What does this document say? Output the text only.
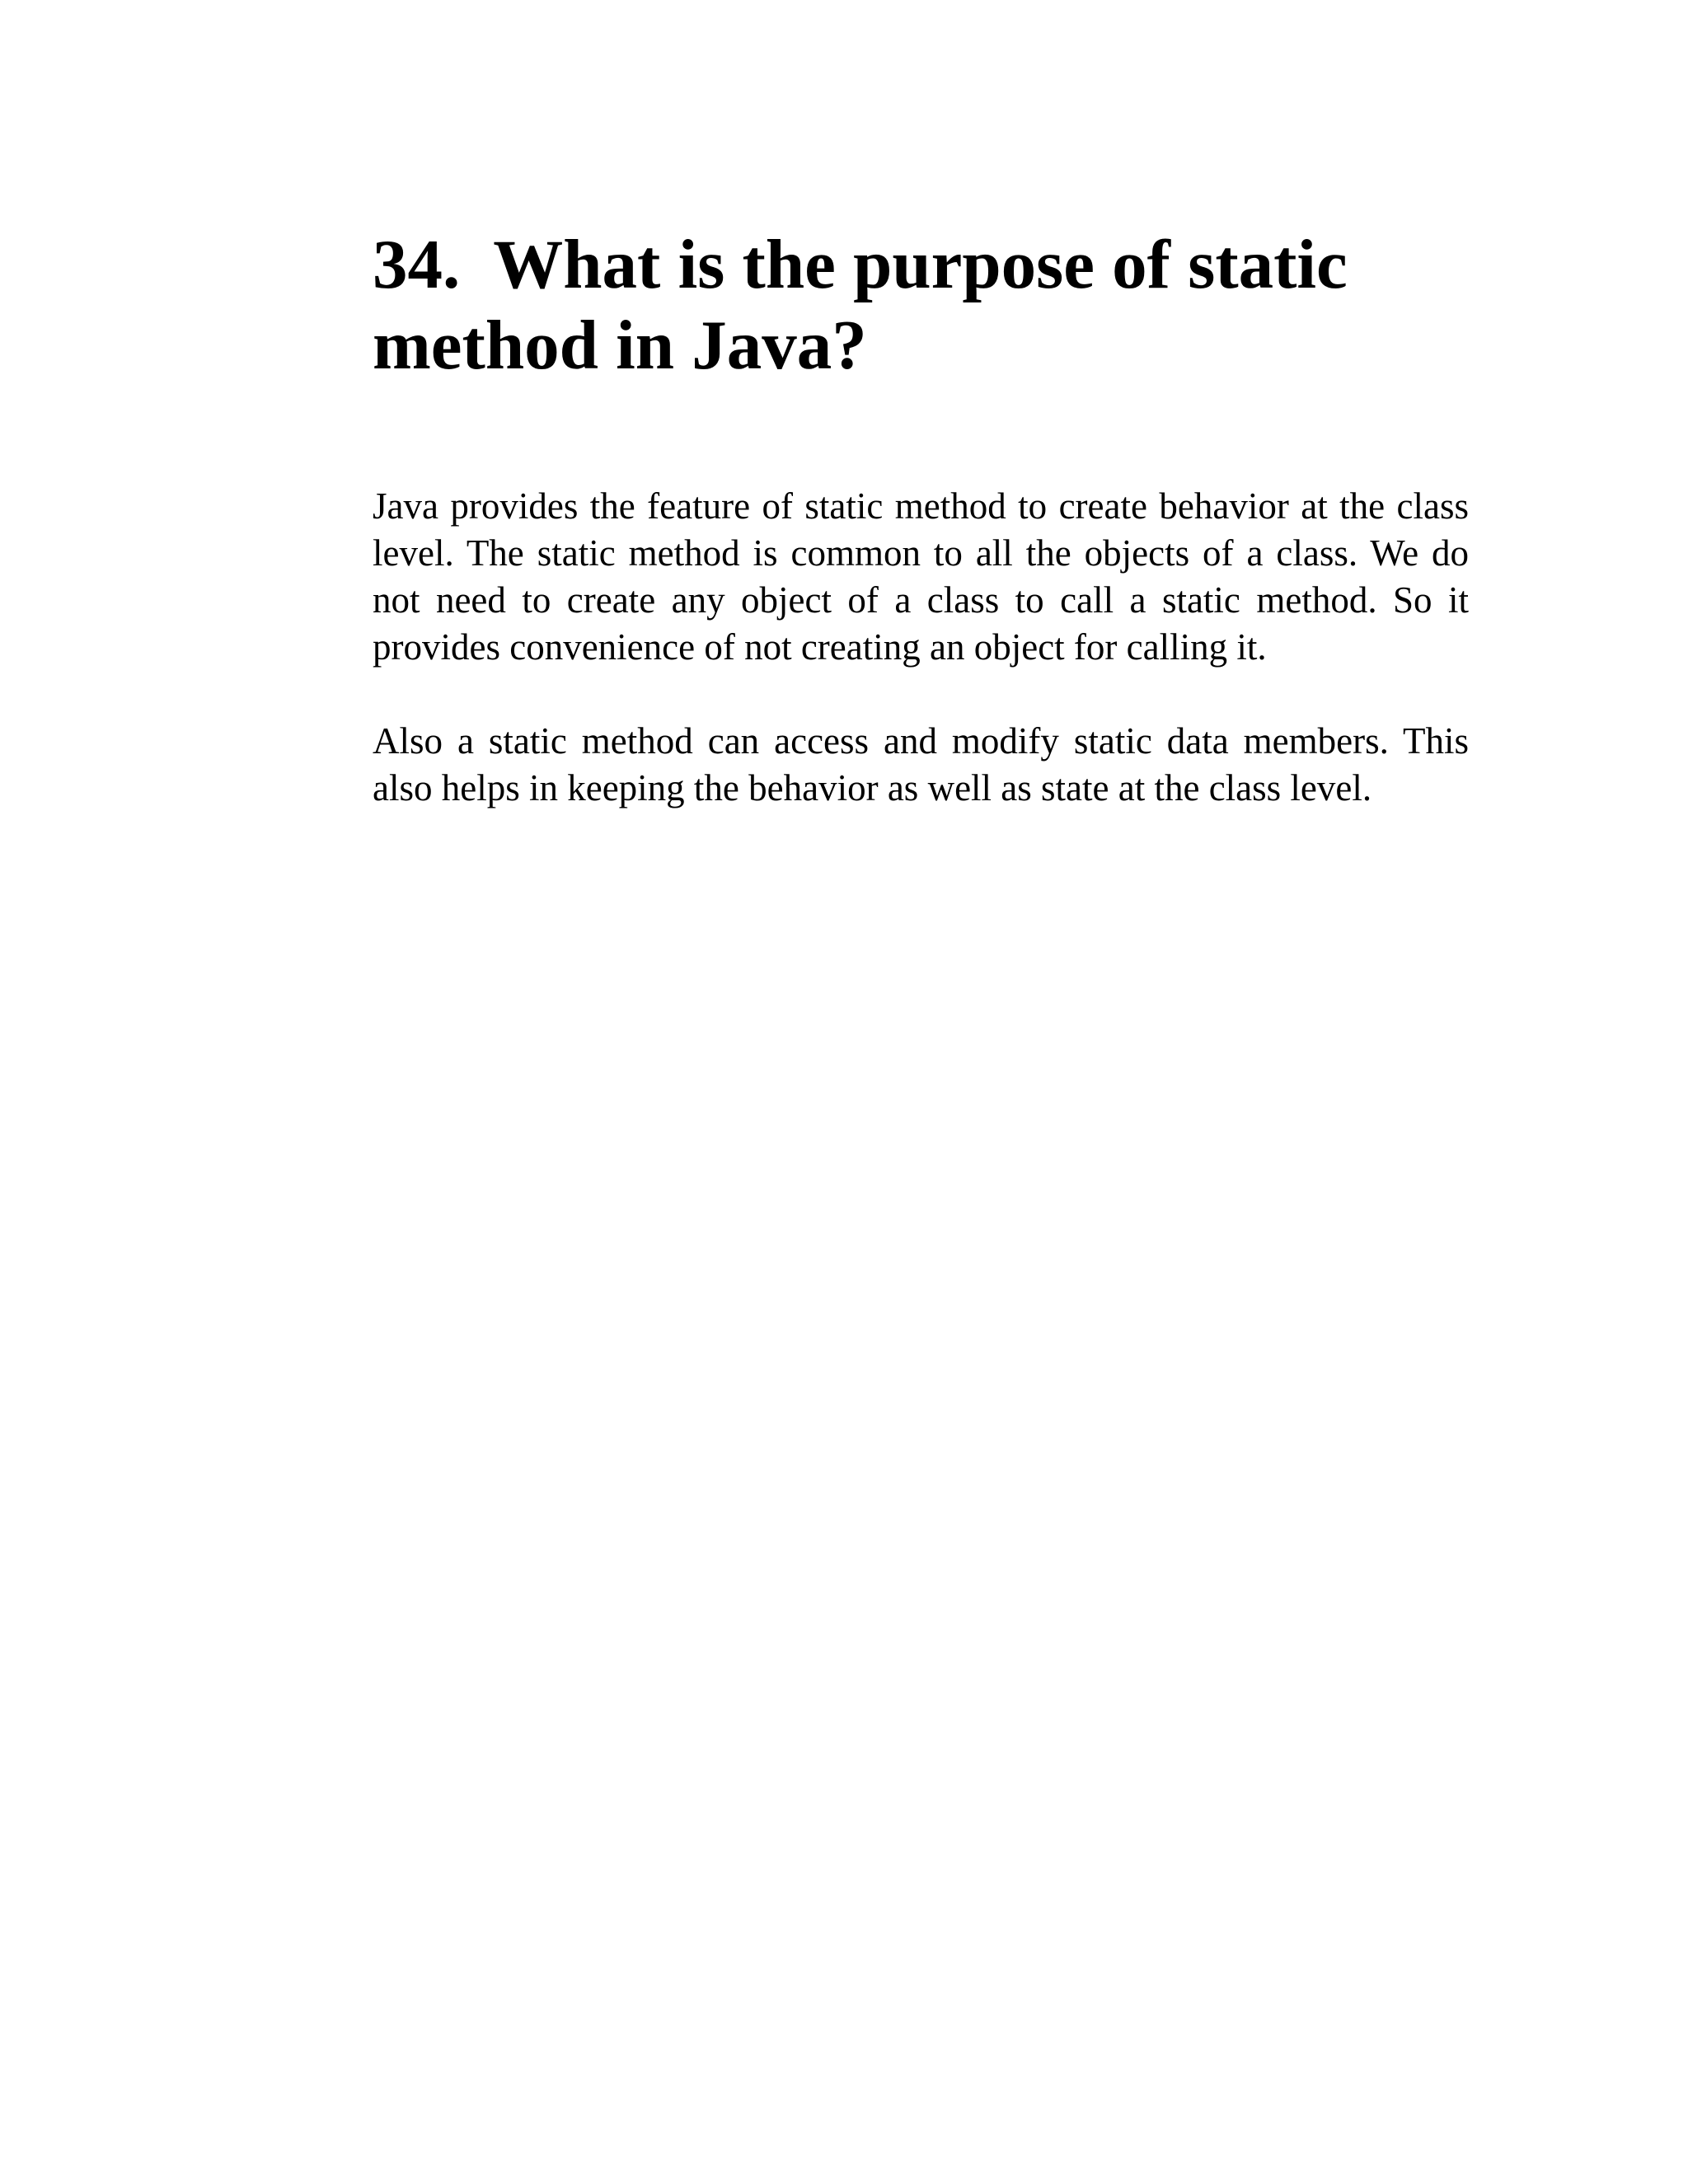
34. What is the purpose of static method in Java?

Java provides the feature of static method to create behavior at the class level. The static method is common to all the objects of a class. We do not need to create any object of a class to call a static method. So it provides convenience of not creating an object for calling it.

Also a static method can access and modify static data members. This also helps in keeping the behavior as well as state at the class level.
